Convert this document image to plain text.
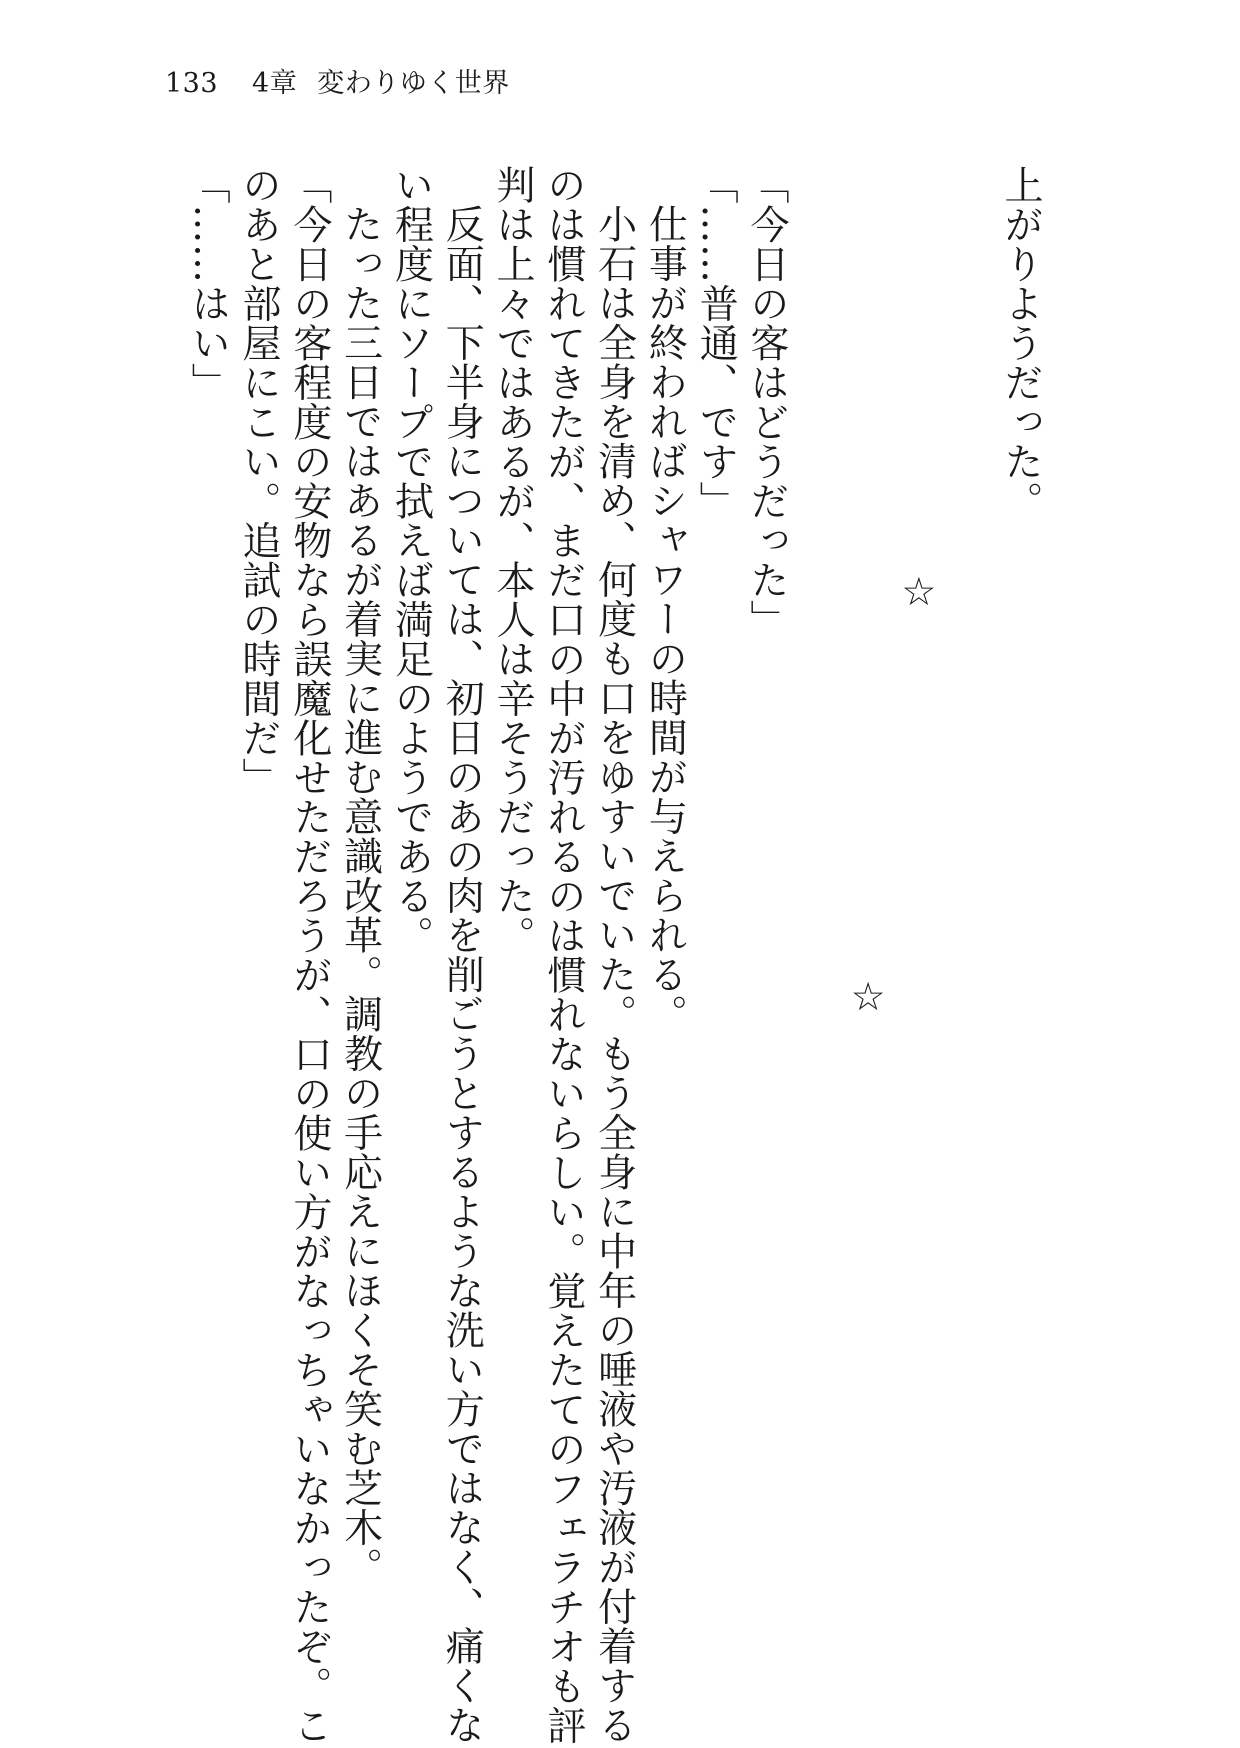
133 4章 変わりゆく世界
上がりようだった。
☆
☆
「今日の客はどうだった」
「……普通、です」
仕事が終わればシャワーの時間が与えられる。
小石は全身を清め、何度も口をゆすいでいた。もう全身に中年の唾液や汚液が付着する
のは慣れてきたが、まだ口の中が汚れるのは慣れないらしい。覚えたてのフェラチオも評
判は上々ではあるが、本人は辛そうだった。
反面、下半身については、初日のあの肉を削ごうとするような洗い方ではなく、痛くな
い程度にソープで拭えば満足のようである。
たった三日ではあるが着実に進む意識改革。調教の手応えにほくそ笑む芝木。
「今日の客程度の安物なら誤魔化せただろうが、口の使い方がなっちゃいなかったぞ。こ
のあと部屋にこい。追試の時間だ」
「……はい」
